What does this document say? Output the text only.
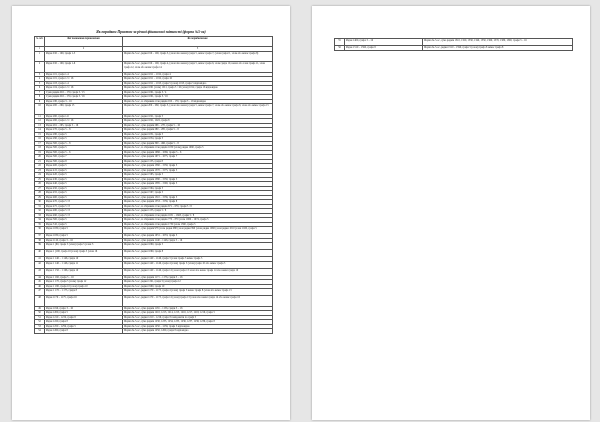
Як порядком Приєтом за річної фінансової звітності (форма №5-ов)
№ п/п	Які повинення первиамення	Як порядкамення
1	2	3
1	Рядок 010 – 100, графа 1-5	Форма № 5-ос, рядки 010 – 100, графа 3, (злом або немає) графа 5, немає графа 7, (злом графа 6 , злом або немає графа 8)
2	Рядок 010 – 100, графа 1-6	Форма № 5-ос, рядки 010 – 100, графа 4, (злом або немає) графа 5, немає графа 6, злом графа 10, немає або злом графа 11, злом графа 12, злом або немає графа 14
3	Рядок 101, графа 1-4	Форма № 5-ос, рядки 1011 – 1012, графа 4
4	Рядок 101, графа 1-5 / 16	Форма № 5-ос, рядки 1011 – 1012, графа 16
5	Рядок 103, графа 1-4	Форма № 5-ос, рядки 1011 – 1013, графа 5 (злом) 1013, графа 5 відповідно
6	Рядок 104, графа 1-5 / 16	Форма № 5-ос, рядки 1001 (злом) 1011, графа 5 / 16 (злом) 1012, графа 16 відповідно
7	Сума рядків 010 – 170, графа 3 / 15	Форма № 5-ос, рядки 1001, графа 3 / 4
8	Сума рядків 010 – 170, графа 3 / 16	Форма № 5-ос, рядки 1001, графа 3 / 16
9	Рядок 180, графа 3 – 16	Форма № 5-ос, за збірників стан рядків 010 – 170, графи 3 – 16 відповідно
10	Рядок 200 – 260, графа 15	Форма № 5-ос, рядки 200 – 260, графа 3, (злом або немає) графа 5, немає графа 7, злом або немає графа 8, злом або немає графа 15
11	Рядок 260, графа 1-6	Форма № 5-ос, рядки 1021, графа 5
12	Рядок 260, графа 1-5 / 16	Форма № 5-ос, рядки 1021, 1022, графа 8
13	Рядок 261 – 265, графа 5 – 16	Форма № 5-ос, сума рядків 266 – 270, графи 5 – 16
14	Рядок 270, графа 5 – 8	Форма № 5-ос, сума рядків 280 – 285, графи 5 – 8
15	Рядок 280, графа 5	Форма № 5-ос, рядки 1051, графа 5
16	Рядок 290, графа 5	Форма № 5-ос, рядки 1054, графа 5
17	Рядок 300, графа 5 – 8	Форма № 5-ос, сума рядків 300 – 496, графи 5 – 8
18	Рядок 300, графа 5	Форма № 5-ос, за збірників стан рядків 1059 (злом) рядки 1060, графа 5
19	Рядок 300, графа 5 – 6	Форма № 5-ос, сума рядків 1066 – 1069, графи 5 – 6
20	Рядок 300, графа 7	Форма № 5-ос, сума рядків 1071 – 1075, графа 7
21	Рядок 300, графа 8	Форма № 5-ос, рядки 1155, графа 8
22	Рядок 400, графа 5	Форма № 5-ос, сума рядків 1560 – 1530, графа 5
23	Рядок 415, графа 5	Форма № 5-ос, сума рядків 1570 – 1575, графа 5
24	Рядок 420, графа 5	Форма № 5-ос, рядки 1565, графа 5
25	Рядок 430, графа 5	Форма № 5-ос, сума рядків 1580 – 1530, графа 5
26	Рядок 440, графа 5	Форма № 5-ос, сума рядків 1585 – 1590, графа 5
27	Рядок 450, графа 5	Форма № 5-ос, рядки 1594, графа 5
28	Рядок 455, графа 5	Форма № 5-ос, рядки 1597, графа 5
29	Рядок 460, графа 5	Форма № 5-ос, сума рядків 1510 – 1536, графа 5
30	Рядок 470, графа 5 / 8	Форма № 5-ос, сума рядків 1553 – 1556, графа 8
31	Рядок 475, графа 5 / 8	Форма № 5-ос, за збірників стан рядків 671 – 670, графи 5 / 8
32	Рядок 480, графа 5 / 8	Форма № 5-ос, рядки 1155, графа 5 / 8
33	Рядок 490, графа 5 / 8	Форма № 5-ос, за збірників стан рядків 1651 – 1663, графи 5 / 8
34	Рядок 500, графа 5	Форма № 5-ос, за збірників стан рядків 770 – 870 (злом 1966 – 1974, графа 5
35	Рядок 510, графа 5	Форма № 5-ос, за збірників стан рядків 1730 (злом 1560, графа 5
36	Рядок 1030, графа 5	Форма № 5-ос, сума рядків 978 (злом рядки 980 (злом рядки 990 (злом рядки 1960 (злом рядки 1010 (злом 1020, графа 5
37	Рядок 1030, графа 5	Форма № 5-ос, сума рядків 1031 – 1033, графа 5
38	Рядок 1110, графа 3 – 16	Форма № 5-ос, сума рядків 1140 – 1146, графа 3 – 16
39	Рядок 1 (60, графа 5 (злом) графа 5 (злом 3	Форма № 5-ос, рядки 1060, графа 5
40	Рядок 1 (190, графа 16 (злом) графа 5 (злом 16	Форма № 5-ос, рядки 1060, графа 8
41	Рядок 1 140 – 1 146, графа 10	Форма № 5-ос, рядки 1140 – 1146, графа 3 (злом графа 5 немає графа 5
42	Рядок 1 140 – 1 146, графа 11	Форма № 5-ос, рядки 1140 – 1146, графа 4 (злом) графа 5 (злом) графа 10 або немає графа 5
43	Рядок 1 150 – 1 166, графа 10	Форма № 5-ос, рядки 1140 – 1146, графа 12 (злом графа 13 злом або немає графа 14 або немає графа 10
44	Рядок 1 160, графа 5 – 16	Форма № 5-ос, сума рядків 1171 – 1176, графи 5 – 16
45	Рядок 1 170, графа 5 (злом) графа 12	Форма № 5-ос, рядки 1191, графа 5 (злом) графа 12
46	Рядок 1 180, графа 10 (злом) графа 10	Форма № 5-ос, рядки 1960, графа 10
47	Рядок 1 170 – 1 175, графа 8	Форма № 5-ос, рядки 1170 – 1175, графа 4 (злом) графа 5 немає графа 8 (злом або немає графа 13
48	Рядок 1170 – 1175, графа 16	Форма № 5-ос, рядки 1170 – 1175, графа 12 (злом) графа 13 (злом або немає графа 14 або немає графа 16
49	Рядок 1190, графа 3 – 16	Форма № 5-ос, сума рядків 1181 – 1156, графи 3 – 16
50	Рядок 1200, графа 5	Форма № 5-ос, сума рядків 1210, 1213, 1214, 1215, 1216, 1217, 1218, 1219, графа 5
51	Рядок 1210 – 1219, графа 8	Форма № 5-ос, рядки 1210 – 1219, графа 8 повідомити по графі 5
52	Рядок 1220, графа 8	Форма № 5-ос, сума рядків 1230, 1233, 1234, 1235, 1236, 1237, 1238, 1239, графа 8
53	Рядок 1250 – 1259, графа 5	Форма № 5-ос, сума рядків 1250 – 1259, графа 5 відповідно
54	Рядок 1260, графа 8	Форма № 5-ос, сума рядків 1250, 1260, графа 8 відповідно
55	Рядок 1400, графа 3 – 16	Форма № 5-ос, сума рядків 1310, 1320, 1330, 1340, 1350, 1360, 1370, 1380, 1390, графи 3 – 16
56	Рядок 1510 – 1590, графа 8	Форма № 5-ос, рядки 1510 – 1590, графа 5 (злом) графа 8 немає графа 8
